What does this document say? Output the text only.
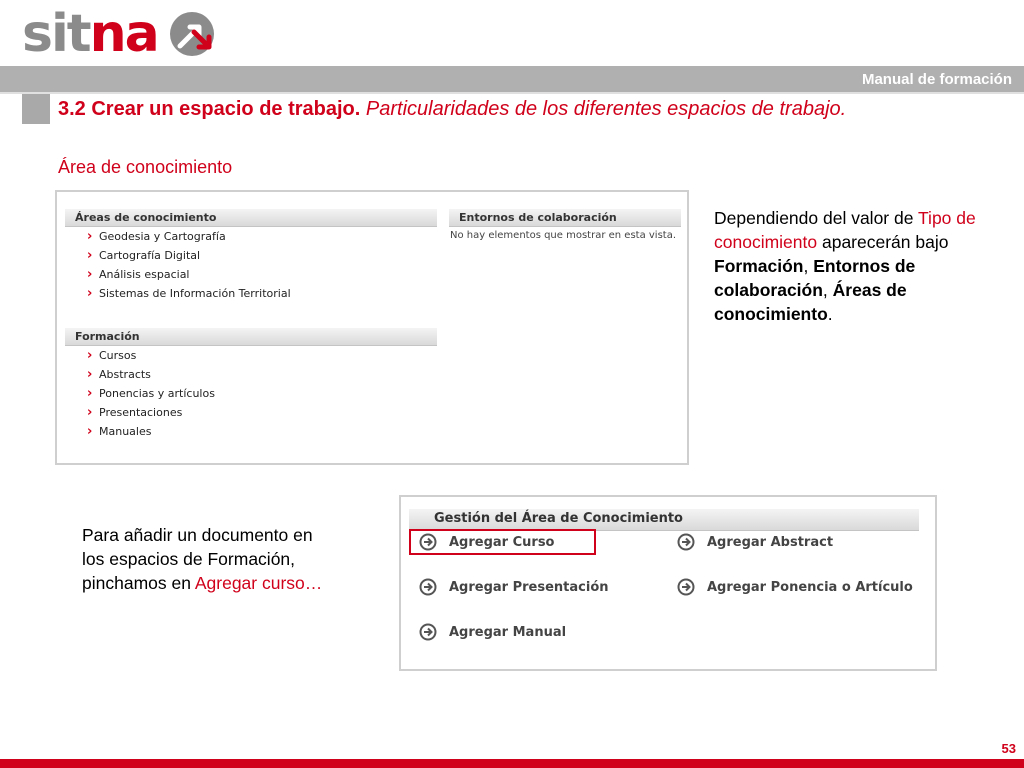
sit na
Manual de formación
3.2 Crear un espacio de trabajo. Particularidades de los diferentes espacios de trabajo.
Área de conocimiento
Áreas de conocimiento
› Geodesia y Cartografía
› Cartografía Digital
› Análisis espacial
› Sistemas de Información Territorial
Formación
› Cursos
› Abstracts
› Ponencias y artículos
› Presentaciones
› Manuales
Entornos de colaboración
No hay elementos que mostrar en esta vista.
Dependiendo del valor de Tipo de conocimiento aparecerán bajo Formación, Entornos de colaboración, Áreas de conocimiento.
Gestión del Área de Conocimiento
Agregar Curso	Agregar Abstract
Agregar Presentación	Agregar Ponencia o Artículo
Agregar Manual
Para añadir un documento en los espacios de Formación, pinchamos en Agregar curso…
53
